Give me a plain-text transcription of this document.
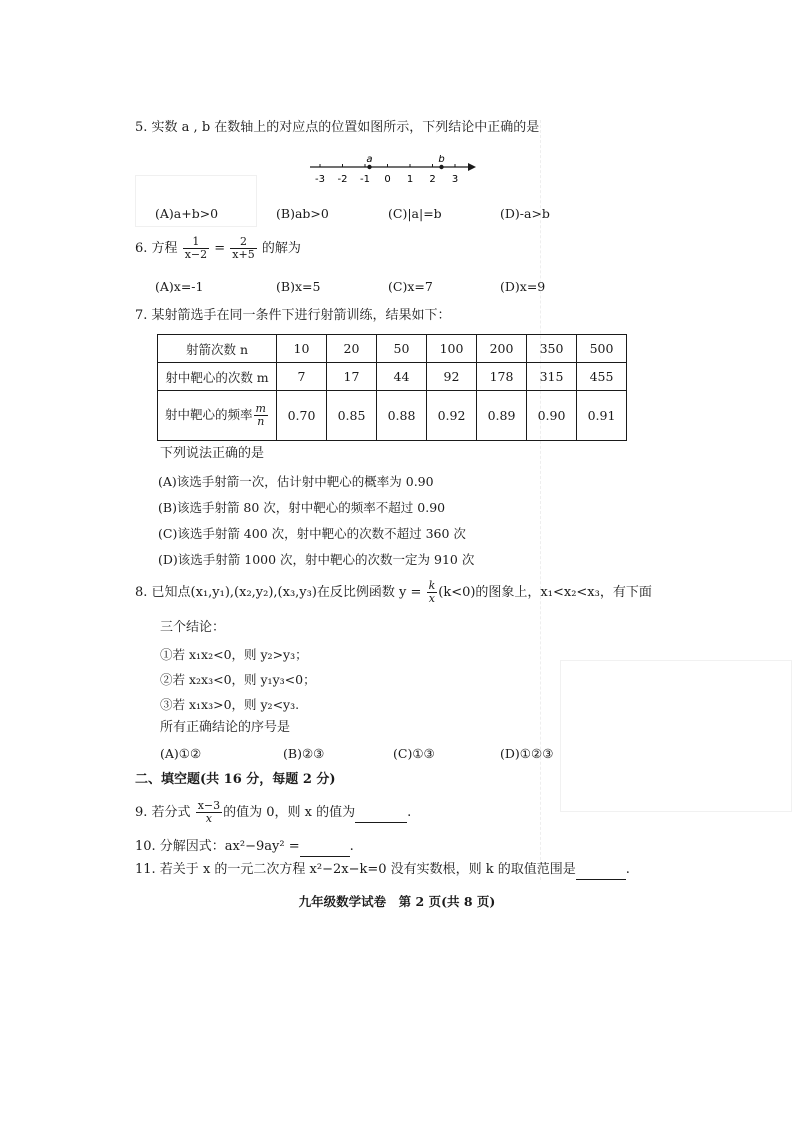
5. 实数 a , b 在数轴上的对应点的位置如图所示，下列结论中正确的是
-3 -2 -1 0 1 2 3
a	b
(A)a+b>0	(B)ab>0	(C)|a|=b	(D)-a>b
6. 方程 $\frac{1}{x-2} = \frac{2}{x+5}$ 的解为
(A)x=-1	(B)x=5	(C)x=7	(D)x=9
7. 某射箭选手在同一条件下进行射箭训练，结果如下：
射箭次数 n	10	20	50	100	200	350	500
射中靶心的次数 m	7	17	44	92	178	315	455
射中靶心的频率 $\frac{m}{n}$	0.70	0.85	0.88	0.92	0.89	0.90	0.91
下列说法正确的是
(A)该选手射箭一次，估计射中靶心的概率为 0.90
(B)该选手射箭 80 次，射中靶心的频率不超过 0.90
(C)该选手射箭 400 次，射中靶心的次数不超过 360 次
(D)该选手射箭 1000 次，射中靶心的次数一定为 910 次
8. 已知点(x₁,y₁),(x₂,y₂),(x₃,y₃)在反比例函数 $y = \frac{k}{x} (k<0)$的图象上，x₁<x₂<x₃，有下面
三个结论：
①若 x₁x₂<0，则 y₂>y₃；
②若 x₂x₃<0，则 y₁y₃<0；
③若 x₁x₃>0，则 y₂<y₃.
所有正确结论的序号是
(A)①②	(B)②③	(C)①③	(D)①②③
二、填空题(共 16 分，每题 2 分)
9. 若分式 $\frac{x-3}{x}$ 的值为 0，则 x 的值为	.
10. 分解因式：ax²−9ay² =	.
11. 若关于 x 的一元二次方程 x²−2x−k=0 没有实数根，则 k 的取值范围是	.
九年级数学试卷　第 2 页(共 8 页)
